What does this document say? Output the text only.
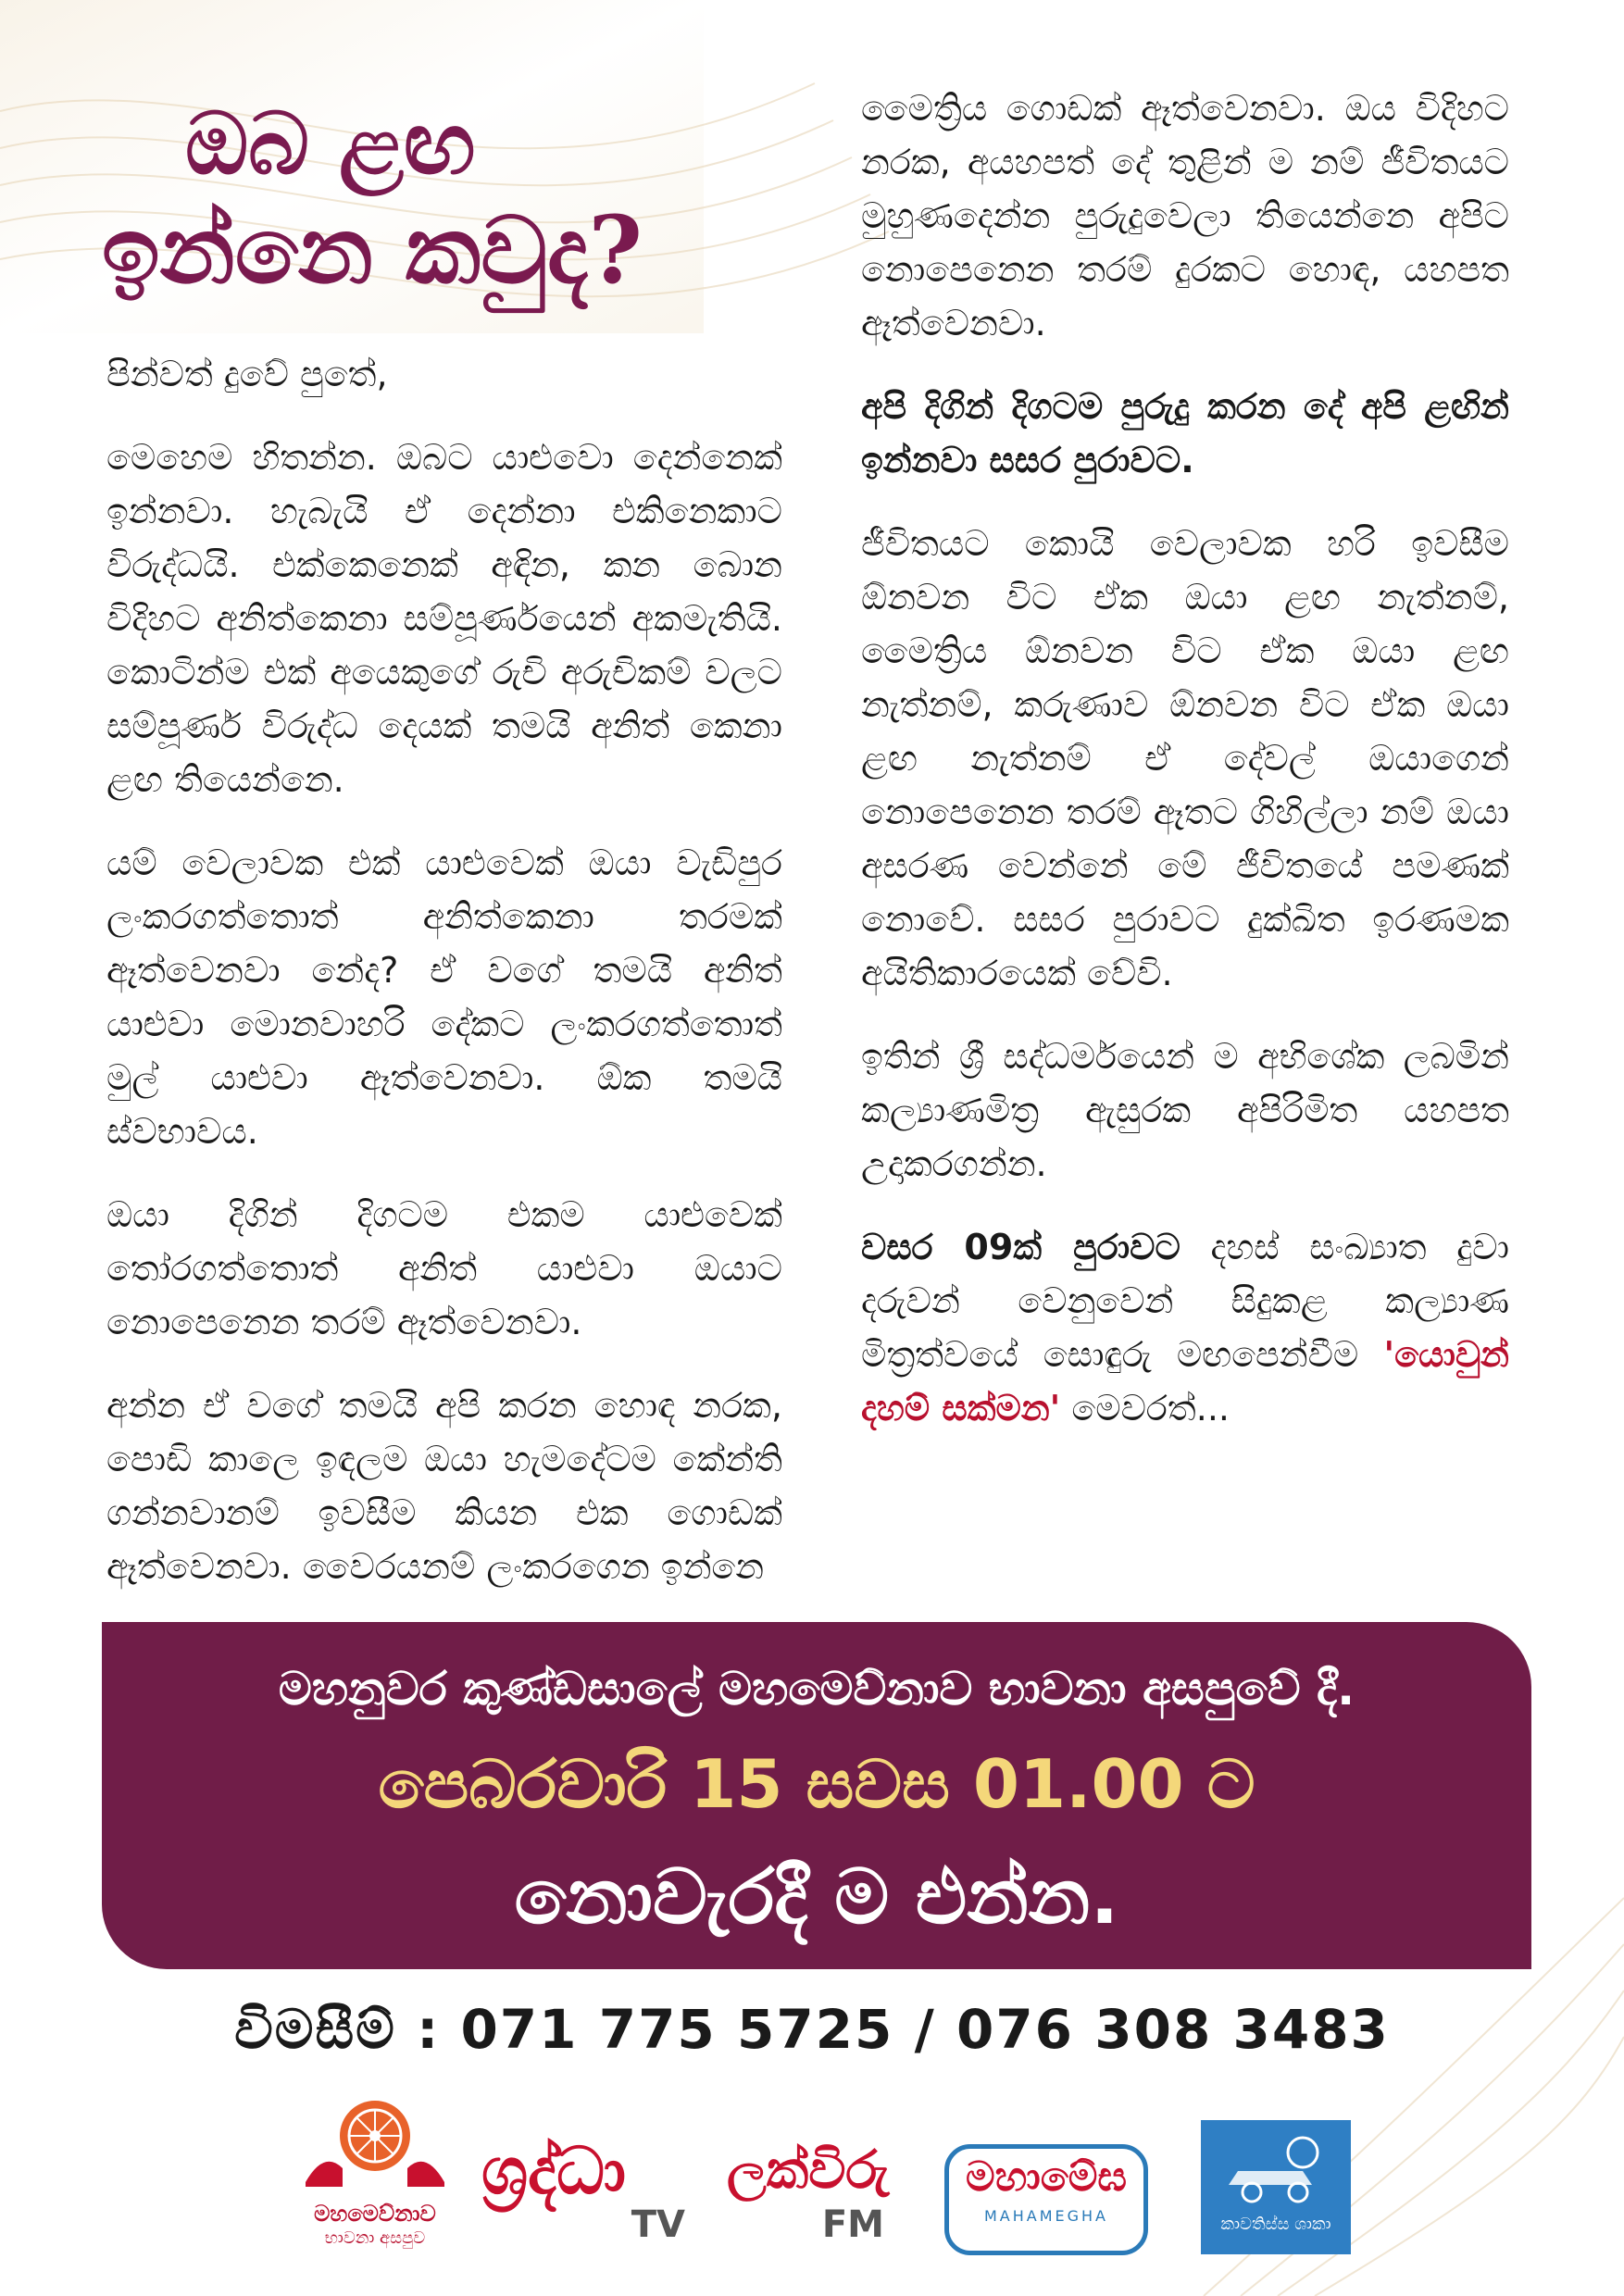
ඔබ ළඟ
ඉන්නෙ කවුද?

පින්වත් දුවේ පුතේ,

මෙහෙම හිතන්න. ඔබට යාළුවො දෙන්නෙක් ඉන්නවා. හැබැයි ඒ දෙන්නා එකිනෙකාට විරුද්ධයි. එක්කෙනෙක් අඳින, කන බොන විදිහට අනිත්කෙනා සම්පූර්ණයෙන් අකමැතියි. කොටින්ම එක් අයෙකුගේ රුචි අරුචිකම් වලට සම්පූර්ණ විරුද්ධ දෙයක් තමයි අනිත් කෙනා ළඟ තියෙන්නෙ.

යම් වෙලාවක එක් යාළුවෙක් ඔයා වැඩිපුර ලංකරගත්තොත් අනිත්කෙනා තරමක් ඈත්වෙනවා නේද? ඒ වගේ තමයි අනිත් යාළුවා මොනවාහරි දේකට ලංකරගත්තොත් මුල් යාළුවා ඈත්වෙනවා. ඕක තමයි ස්වභාවය.

ඔයා දිගින් දිගටම එකම යාළුවෙක් තෝරගත්තොත් අනිත් යාළුවා ඔයාට නොපෙනෙන තරම් ඈත්වෙනවා.

අන්න ඒ වගේ තමයි අපි කරන හොඳ නරක, පොඩි කාලෙ ඉඳලම ඔයා හැමදේටම කේන්ති ගන්නවානම් ඉවසීම කියන එක ගොඩක් ඈත්වෙනවා. වෛරයනම් ලංකරගෙන ඉන්නෙ

මෛත්‍රිය ගොඩක් ඈත්වෙනවා. ඔය විදිහට නරක, අයහපත් දේ තුළින් ම නම් ජීවිතයට මුහුණදෙන්න පුරුදුවෙලා තියෙන්නෙ අපිට නොපෙනෙන තරම් දුරකට හොඳ, යහපත ඈත්වෙනවා.

අපි දිගින් දිගටම පුරුදු කරන දේ අපි ළඟින් ඉන්නවා සසර පුරාවට.

ජීවිතයට කොයි වෙලාවක හරි ඉවසීම ඕනවන විට ඒක ඔයා ළඟ නැත්නම්, මෛත්‍රිය ඕනවන විට ඒක ඔයා ළඟ නැත්නම්, කරුණාව ඕනවන විට ඒක ඔයා ළඟ නැත්නම් ඒ දේවල් ඔයාගෙන් නොපෙනෙන තරම් ඈතට ගිහිල්ලා නම් ඔයා අසරණ වෙන්නේ මේ ජීවිතයේ පමණක් නොවේ. සසර පුරාවට දුක්ඛිත ඉරණමක අයිතිකාරයෙක් වේවි.

ඉතින් ශ්‍රී සද්ධර්මයෙන් ම අභිශේක ලබමින් කල්‍යාණමිත්‍ර ඇසුරක අපිරිමිත යහපත උදාකරගන්න.

වසර 09ක් පුරාවට දහස් සංඛ්‍යාත දුවා දරුවන් වෙනුවෙන් සිදුකළ කල්‍යාණ මිත්‍රත්වයේ සොඳුරු මඟපෙන්වීම 'යොවුන් දහම් සක්මන' මෙවරත්...

මහනුවර කුණ්ඩසාලේ මහමෙව්නාව භාවනා අසපුවේ දී.
පෙබරවාරි 15 සවස 01.00 ට
නොවැරදී ම එන්න.
විමසීම් : 071 775 5725 / 076 308 3483
මහමෙව්නාව
භාවනා අසපුව
ශ්‍රද්ධා
TV
ලක්විරු
FM
මහාමේඝ
MAHAMEGHA	කාවතිස්ස ශාකා
